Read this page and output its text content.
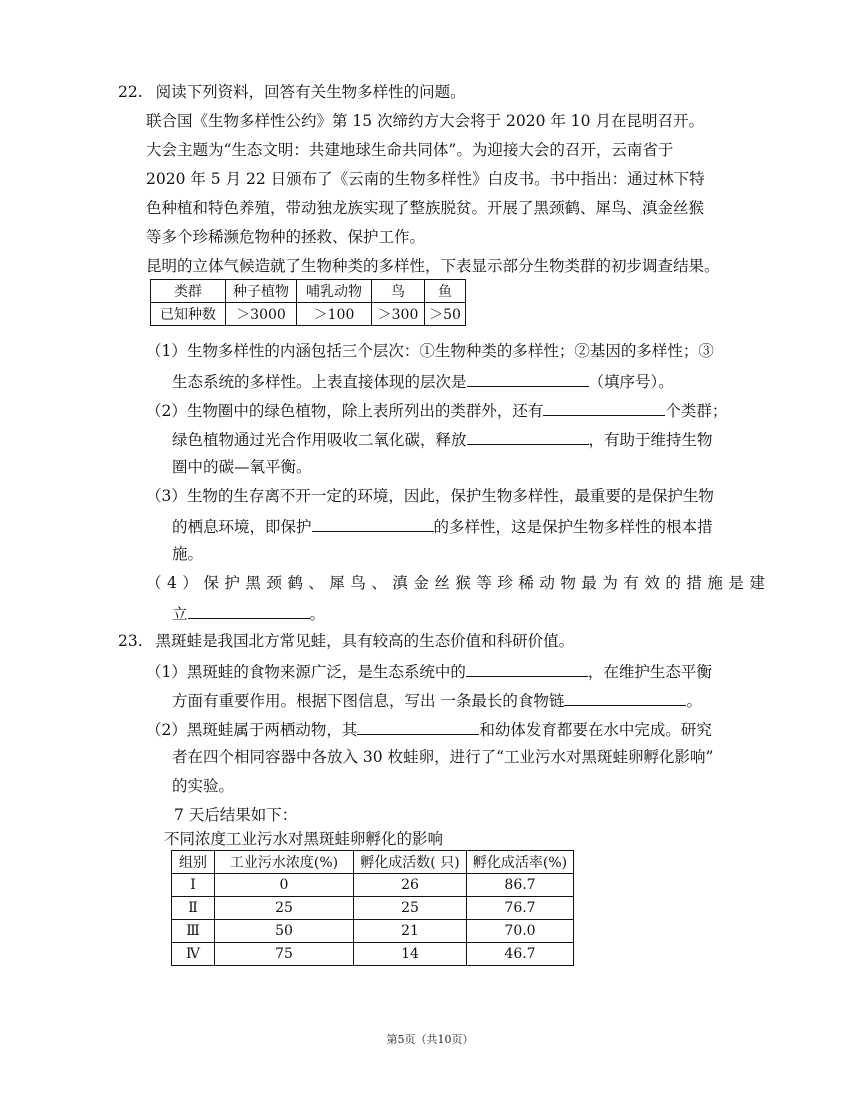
22. 阅读下列资料，回答有关生物多样性的问题。
联合国《生物多样性公约》第 15 次缔约方大会将于 2020 年 10 月在昆明召开。
大会主题为“生态文明：共建地球生命共同体”。为迎接大会的召开，云南省于
2020 年 5 月 22 日颁布了《云南的生物多样性》白皮书。书中指出：通过林下特
色种植和特色养殖，带动独龙族实现了整族脱贫。开展了黑颈鹤、犀鸟、滇金丝猴
等多个珍稀濒危物种的拯救、保护工作。
昆明的立体气候造就了生物种类的多样性，下表显示部分生物类群的初步调查结果。
类群	种子植物	哺乳动物	鸟	鱼
已知种数	＞3000	＞100	＞300	＞50
（1）生物多样性的内涵包括三个层次：①生物种类的多样性；②基因的多样性；③
生态系统的多样性。上表直接体现的层次是	（填序号）。
（2）生物圈中的绿色植物，除上表所列出的类群外，还有	个类群；
绿色植物通过光合作用吸收二氧化碳，释放	，有助于维持生物
圈中的碳—氧平衡。
（3）生物的生存离不开一定的环境，因此，保护生物多样性，最重要的是保护生物
的栖息环境，即保护	的多样性，这是保护生物多样性的根本措
施。
（4）保护黑颈鹤、犀鸟、滇金丝猴等珍稀动物最为有效的措施是建
立	。
23. 黑斑蛙是我国北方常见蛙，具有较高的生态价值和科研价值。
（1）黑斑蛙的食物来源广泛，是生态系统中的	，在维护生态平衡
方面有重要作用。根据下图信息，写出 一条最长的食物链	。
（2）黑斑蛙属于两栖动物，其	和幼体发育都要在水中完成。研究
者在四个相同容器中各放入 30 枚蛙卵，进行了“工业污水对黑斑蛙卵孵化影响”
的实验。
7 天后结果如下：
不同浓度工业污水对黑斑蛙卵孵化的影响
组别	工业污水浓度(%)	孵化成活数( 只)	孵化成活率(%)
Ⅰ	0	26	86.7
Ⅱ	25	25	76.7
Ⅲ	50	21	70.0
Ⅳ	75	14	46.7
第5页（共10页）
